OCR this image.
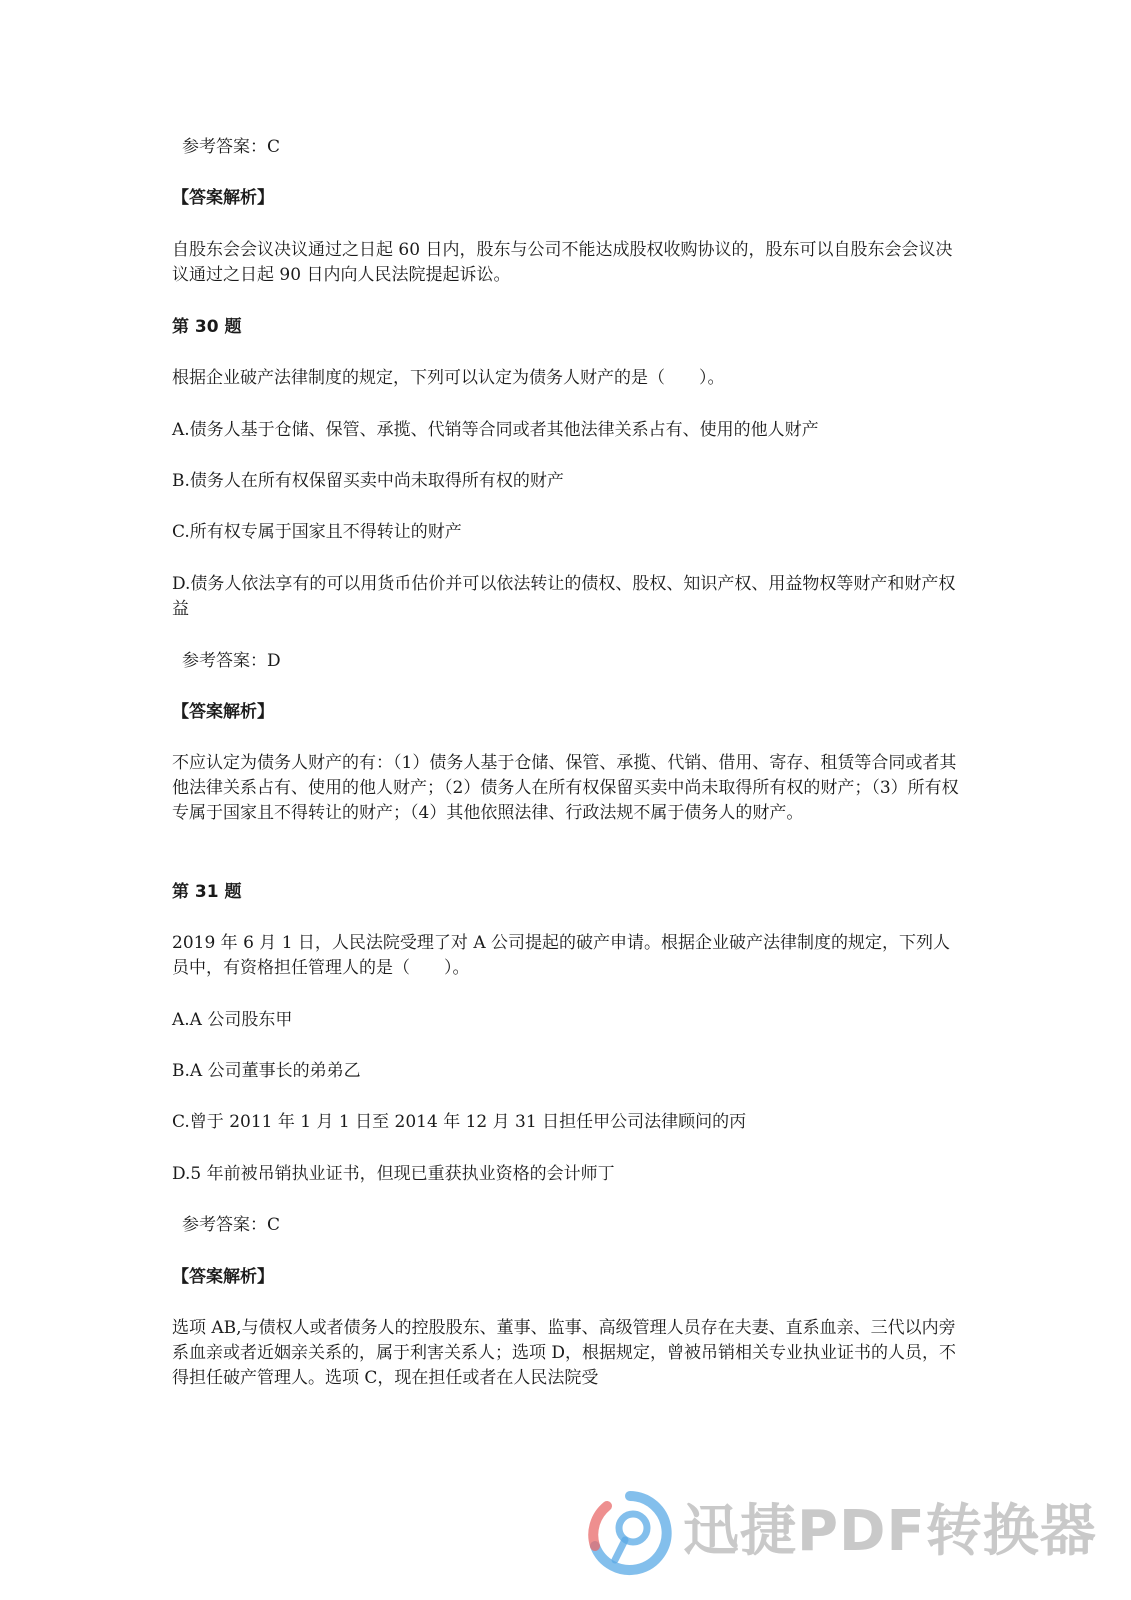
参考答案：C
【答案解析】
自股东会会议决议通过之日起 60 日内，股东与公司不能达成股权收购协议的，股东可以自股东会会议决议通过之日起 90 日内向人民法院提起诉讼。
第 30 题
根据企业破产法律制度的规定，下列可以认定为债务人财产的是（　　）。
A.债务人基于仓储、保管、承揽、代销等合同或者其他法律关系占有、使用的他人财产
B.债务人在所有权保留买卖中尚未取得所有权的财产
C.所有权专属于国家且不得转让的财产
D.债务人依法享有的可以用货币估价并可以依法转让的债权、股权、知识产权、用益物权等财产和财产权益
参考答案：D
【答案解析】
不应认定为债务人财产的有：（1）债务人基于仓储、保管、承揽、代销、借用、寄存、租赁等合同或者其他法律关系占有、使用的他人财产；（2）债务人在所有权保留买卖中尚未取得所有权的财产；（3）所有权专属于国家且不得转让的财产；（4）其他依照法律、行政法规不属于债务人的财产。
第 31 题
2019 年 6 月 1 日，人民法院受理了对 A 公司提起的破产申请。根据企业破产法律制度的规定，下列人员中，有资格担任管理人的是（　　）。
A.A 公司股东甲
B.A 公司董事长的弟弟乙
C.曾于 2011 年 1 月 1 日至 2014 年 12 月 31 日担任甲公司法律顾问的丙
D.5 年前被吊销执业证书，但现已重获执业资格的会计师丁
参考答案：C
【答案解析】
选项 AB,与债权人或者债务人的控股股东、董事、监事、高级管理人员存在夫妻、直系血亲、三代以内旁系血亲或者近姻亲关系的，属于利害关系人；选项 D，根据规定，曾被吊销相关专业执业证书的人员，不得担任破产管理人。选项 C，现在担任或者在人民法院受
迅捷PDF转换器
